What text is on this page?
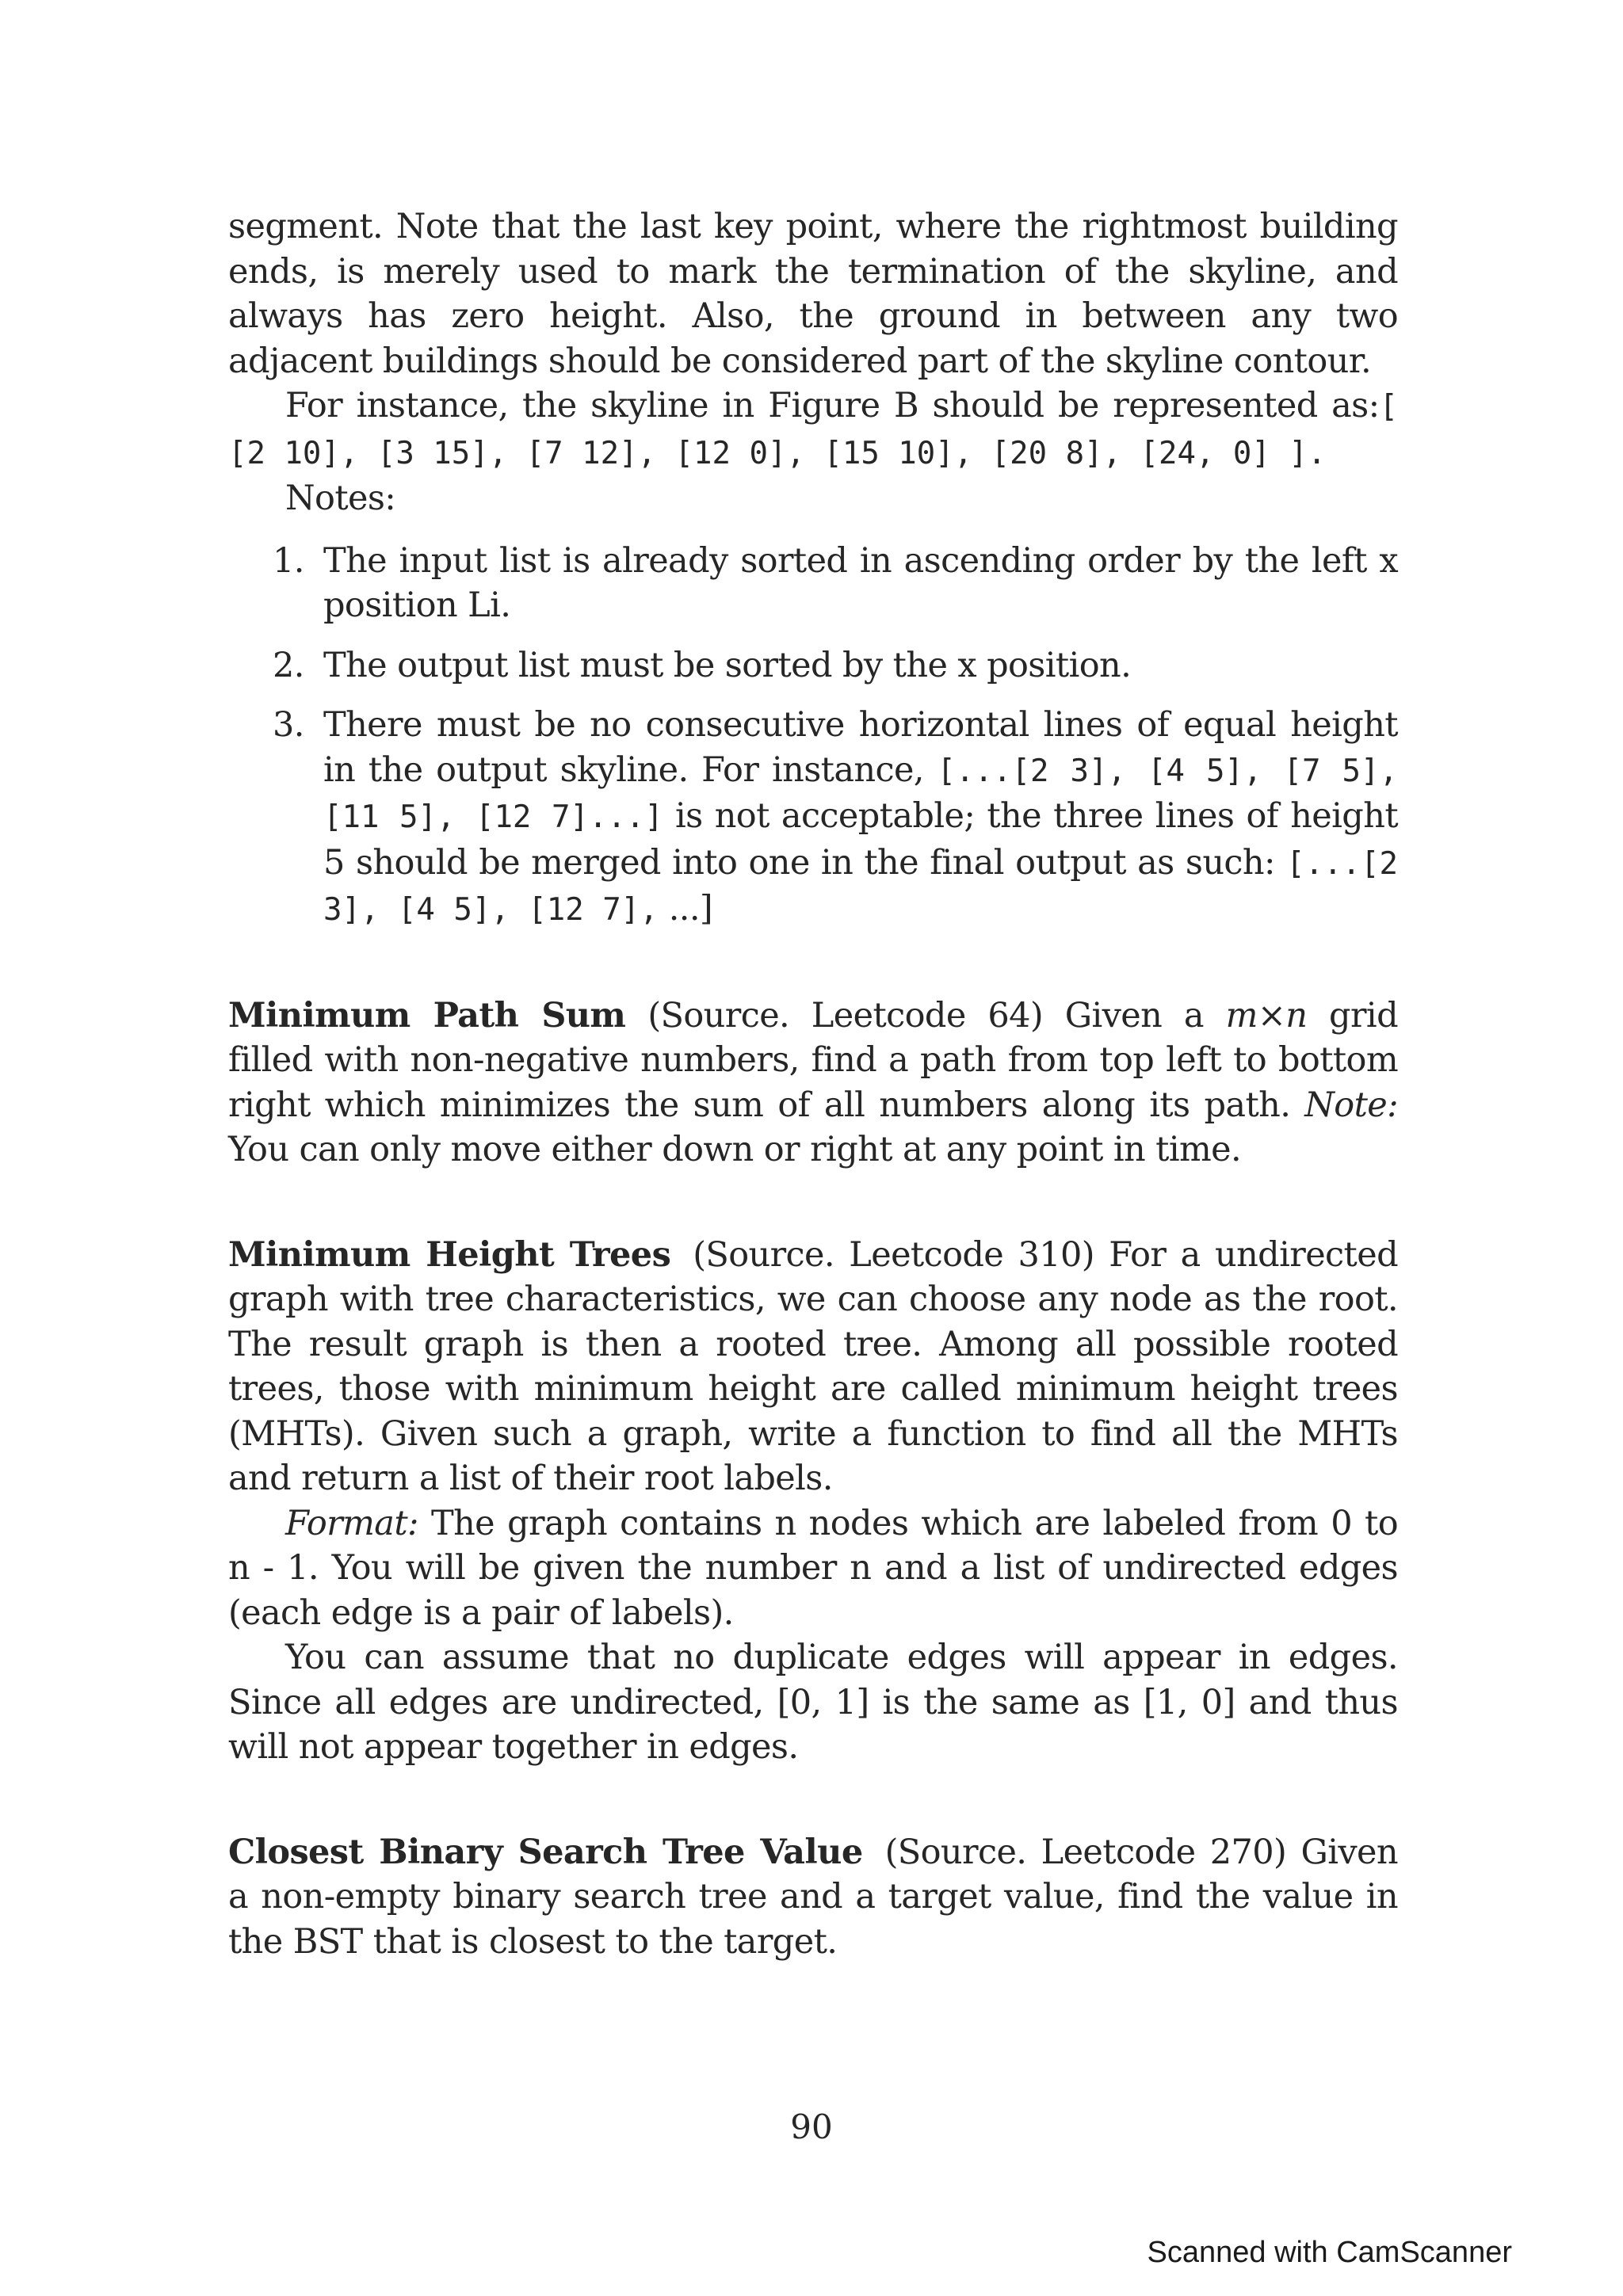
segment. Note that the last key point, where the rightmost building ends, is merely used to mark the termination of the skyline, and always has zero height. Also, the ground in between any two adjacent buildings should be considered part of the skyline contour.

For instance, the skyline in Figure B should be represented as:[ [2 10], [3 15], [7 12], [12 0], [15 10], [20 8], [24, 0] ].

Notes:

1. The input list is already sorted in ascending order by the left x position Li.
2. The output list must be sorted by the x position.
3. There must be no consecutive horizontal lines of equal height in the output skyline. For instance, [...[2 3], [4 5], [7 5], [11 5], [12 7]...] is not acceptable; the three lines of height 5 should be merged into one in the final output as such: [...[2 3], [4 5], [12 7], ...]

Minimum Path Sum (Source. Leetcode 64) Given a m×n grid filled with non-negative numbers, find a path from top left to bottom right which minimizes the sum of all numbers along its path. Note: You can only move either down or right at any point in time.

Minimum Height Trees (Source. Leetcode 310) For a undirected graph with tree characteristics, we can choose any node as the root. The result graph is then a rooted tree. Among all possible rooted trees, those with minimum height are called minimum height trees (MHTs). Given such a graph, write a function to find all the MHTs and return a list of their root labels.

Format: The graph contains n nodes which are labeled from 0 to n - 1. You will be given the number n and a list of undirected edges (each edge is a pair of labels).

You can assume that no duplicate edges will appear in edges. Since all edges are undirected, [0, 1] is the same as [1, 0] and thus will not appear together in edges.

Closest Binary Search Tree Value (Source. Leetcode 270) Given a non-empty binary search tree and a target value, find the value in the BST that is closest to the target.

90
Scanned with CamScanner
